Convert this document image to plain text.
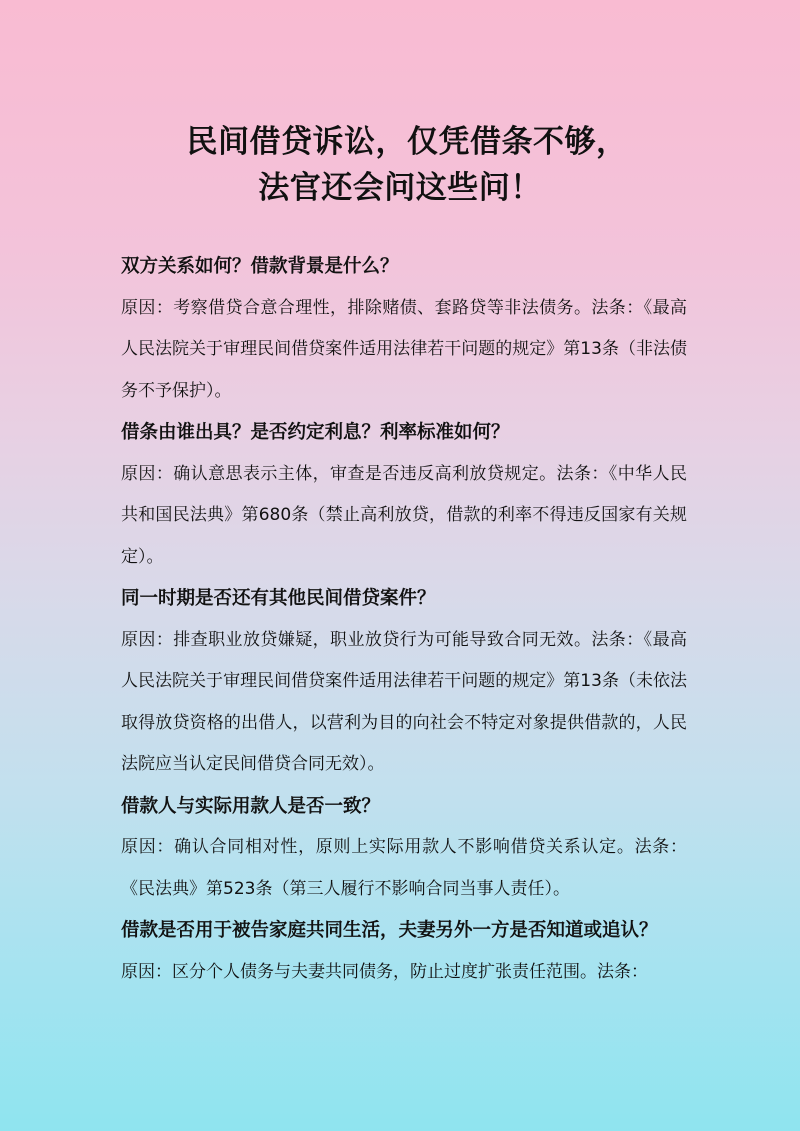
民间借贷诉讼，仅凭借条不够，
法官还会问这些问！

双方关系如何？借款背景是什么？

原因：考察借贷合意合理性，排除赌债、套路贷等非法债务。法条：《最高人民法院关于审理民间借贷案件适用法律若干问题的规定》第13条（非法债务不予保护）。

借条由谁出具？是否约定利息？利率标准如何？

原因：确认意思表示主体，审查是否违反高利放贷规定。法条：《中华人民共和国民法典》第680条（禁止高利放贷，借款的利率不得违反国家有关规定）。

同一时期是否还有其他民间借贷案件？

原因：排查职业放贷嫌疑，职业放贷行为可能导致合同无效。法条：《最高人民法院关于审理民间借贷案件适用法律若干问题的规定》第13条（未依法取得放贷资格的出借人，以营利为目的向社会不特定对象提供借款的，人民法院应当认定民间借贷合同无效）。

借款人与实际用款人是否一致？

原因：确认合同相对性，原则上实际用款人不影响借贷关系认定。法条：《民法典》第523条（第三人履行不影响合同当事人责任）。

借款是否用于被告家庭共同生活，夫妻另外一方是否知道或追认？

原因：区分个人债务与夫妻共同债务，防止过度扩张责任范围。法条：
